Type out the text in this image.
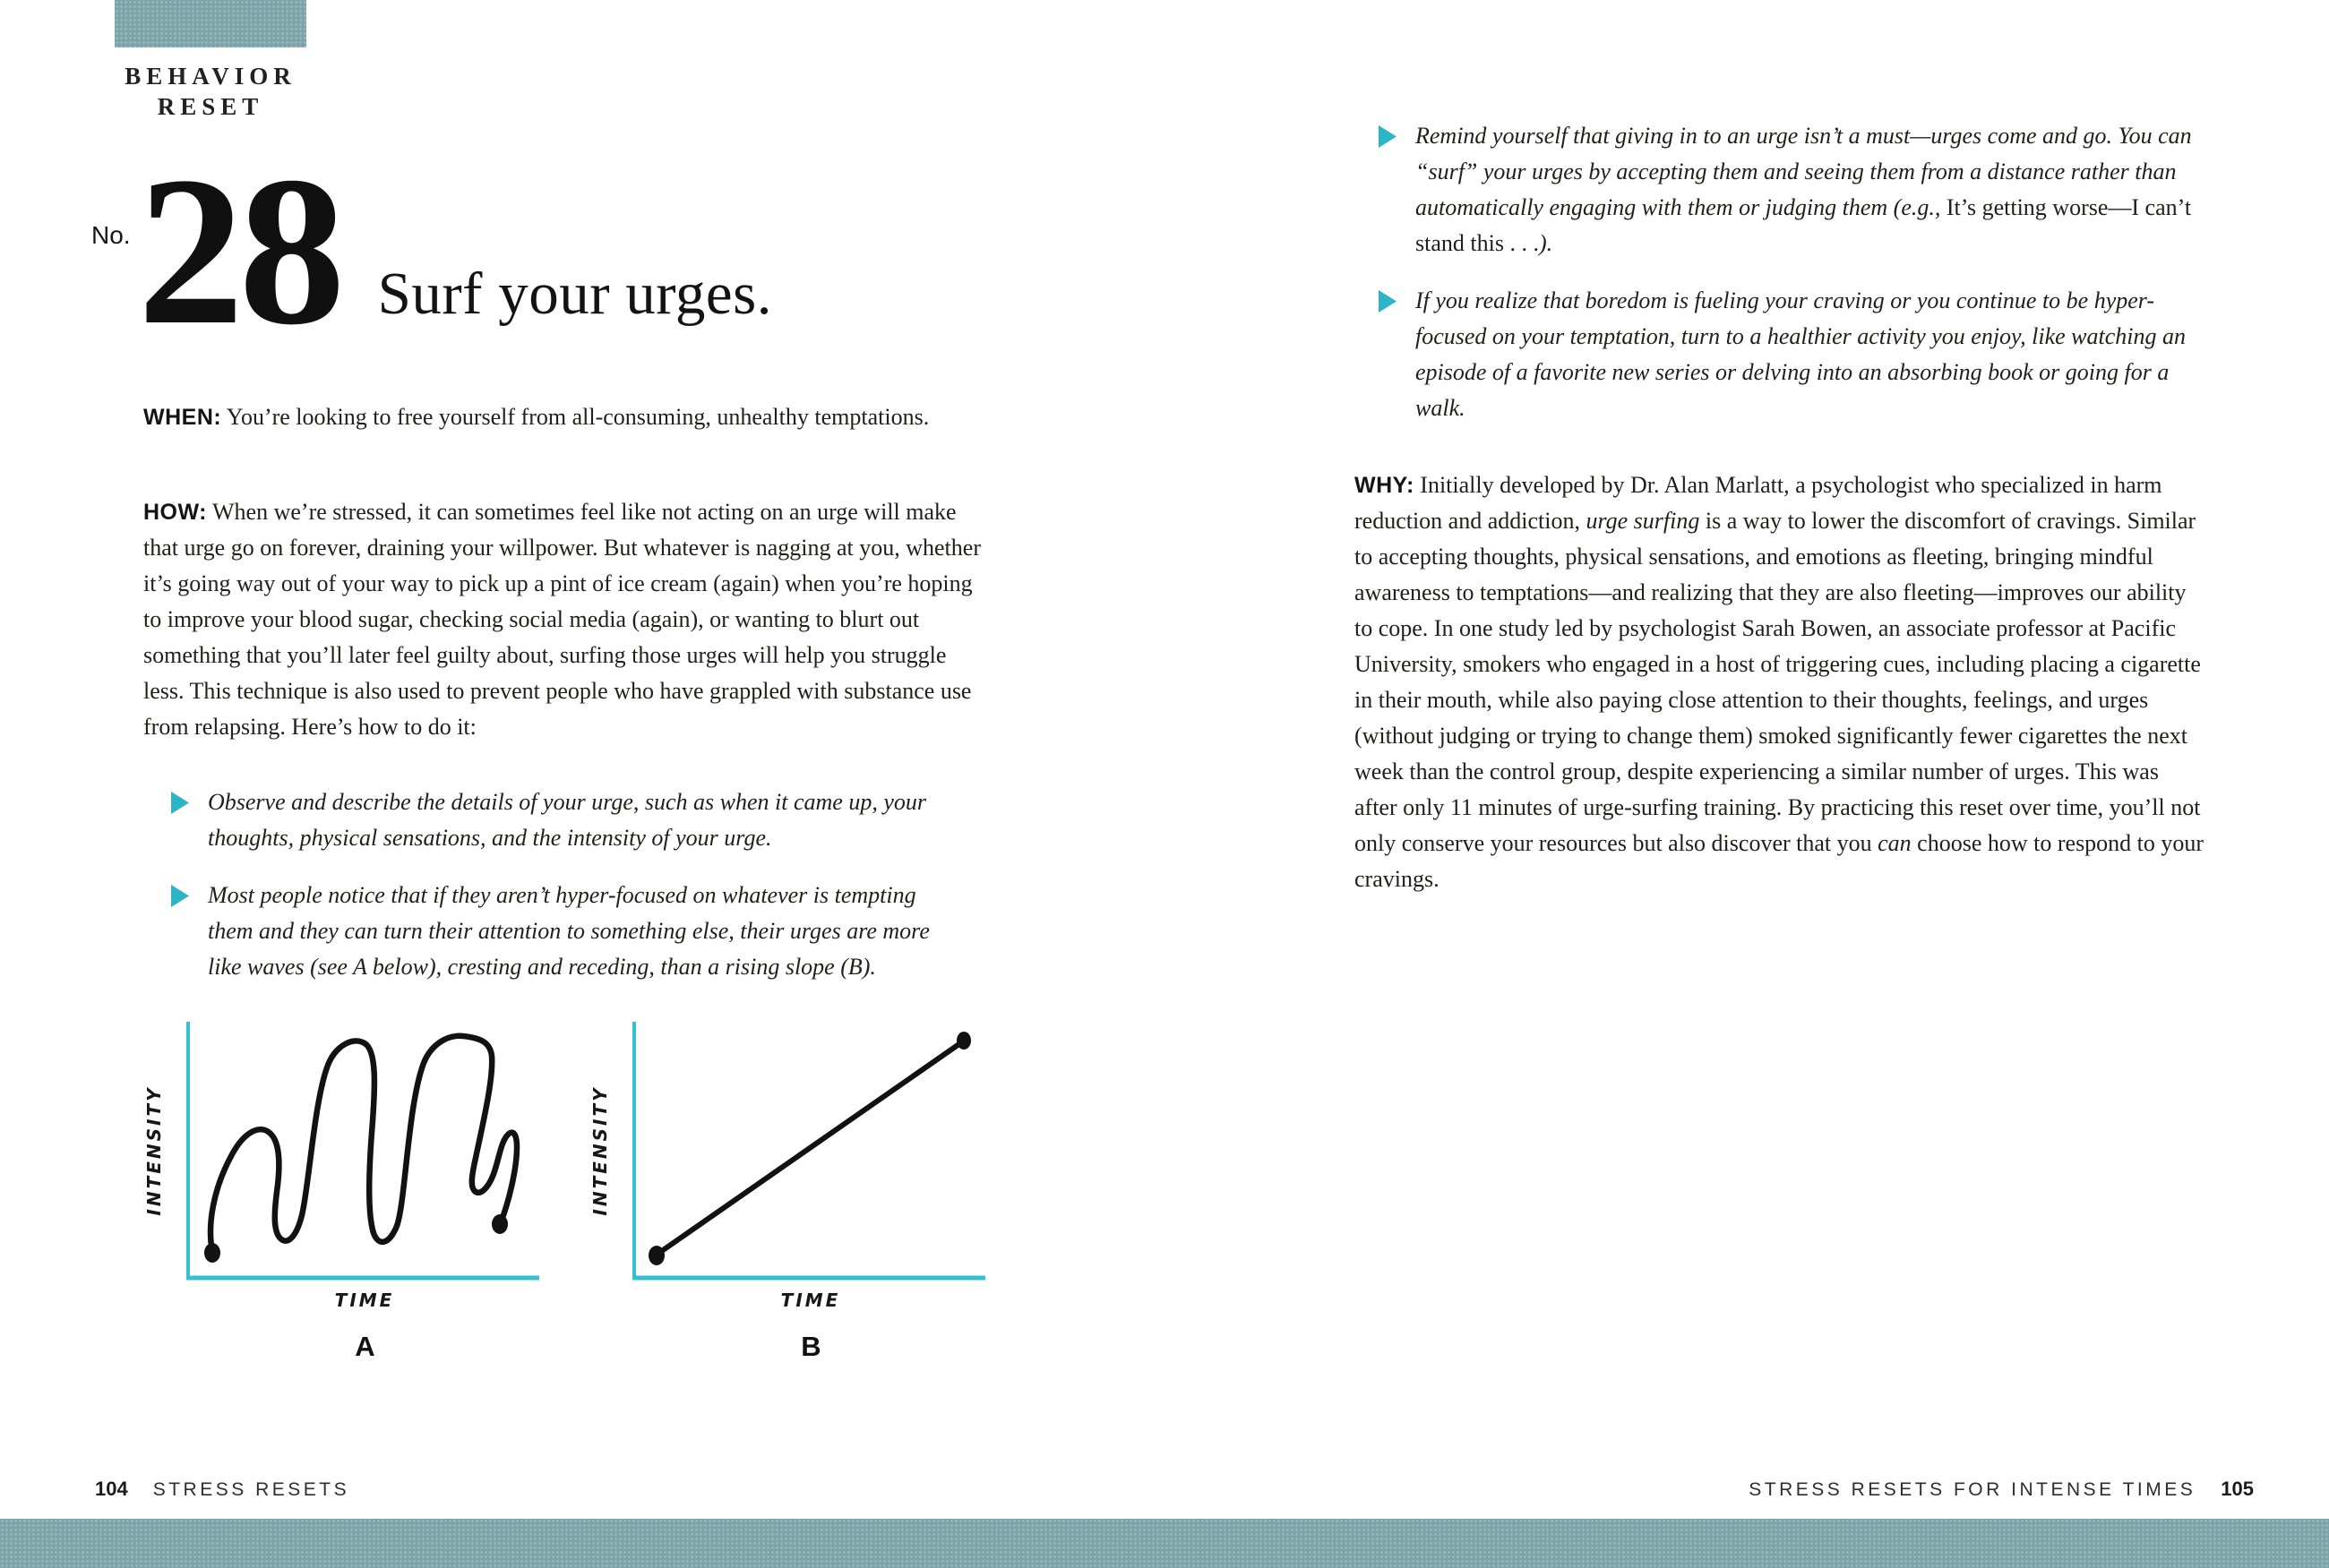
BEHAVIOR
RESET
No. 28 Surf your urges.

WHEN: You’re looking to free yourself from all-consuming, unhealthy temptations.

HOW: When we’re stressed, it can sometimes feel like not acting on an urge will make that urge go on forever, draining your willpower. But whatever is nagging at you, whether it’s going way out of your way to pick up a pint of ice cream (again) when you’re hoping to improve your blood sugar, checking social media (again), or wanting to blurt out something that you’ll later feel guilty about, surfing those urges will help you struggle less. This technique is also used to prevent people who have grappled with substance use from relapsing. Here’s how to do it:

Observe and describe the details of your urge, such as when it came up, your thoughts, physical sensations, and the intensity of your urge.
Most people notice that if they aren’t hyper-focused on whatever is tempting them and they can turn their attention to something else, their urges are more like waves (see A below), cresting and receding, than a rising slope (B).
INTENSITY
TIME
A
INTENSITY
TIME
B
Remind yourself that giving in to an urge isn’t a must—urges come and go. You can “surf” your urges by accepting them and seeing them from a distance rather than automatically engaging with them or judging them (e.g., It’s getting worse—I can’t stand this . . .).
If you realize that boredom is fueling your craving or you continue to be hyper-focused on your temptation, turn to a healthier activity you enjoy, like watching an episode of a favorite new series or delving into an absorbing book or going for a walk.

WHY: Initially developed by Dr. Alan Marlatt, a psychologist who specialized in harm reduction and addiction, urge surfing is a way to lower the discomfort of cravings. Similar to accepting thoughts, physical sensations, and emotions as fleeting, bringing mindful awareness to temptations—and realizing that they are also fleeting—improves our ability to cope. In one study led by psychologist Sarah Bowen, an associate professor at Pacific University, smokers who engaged in a host of triggering cues, including placing a cigarette in their mouth, while also paying close attention to their thoughts, feelings, and urges (without judging or trying to change them) smoked significantly fewer cigarettes the next week than the control group, despite experiencing a similar number of urges. This was after only 11 minutes of urge-surfing training. By practicing this reset over time, you’ll not only conserve your resources but also discover that you can choose how to respond to your cravings.

104 STRESS RESETS	STRESS RESETS FOR INTENSE TIMES 105
